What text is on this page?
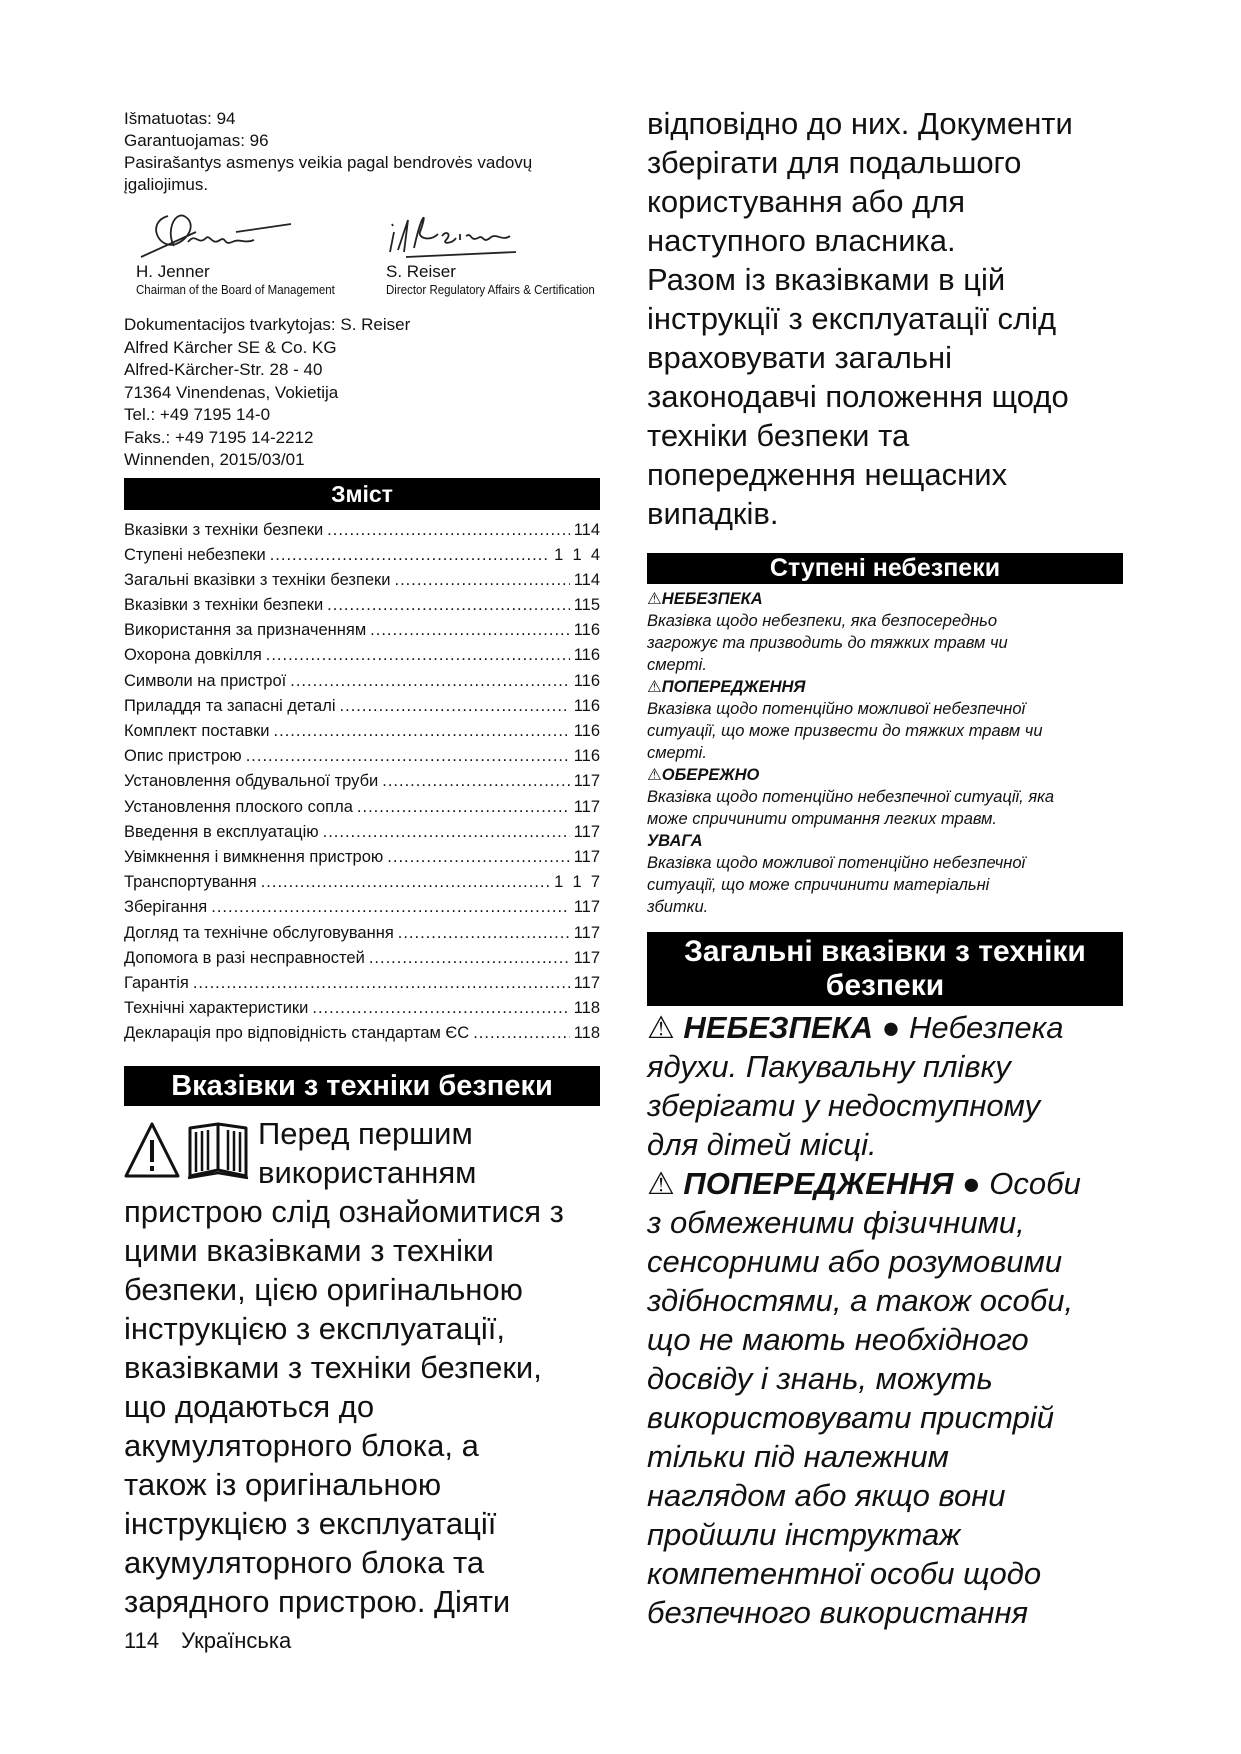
Išmatuotas: 94

Garantuojamas: 96

Pasirašantys asmenys veikia pagal bendrovės vadovų

įgaliojimus.

H. Jenner
Chairman of the Board of Management
S. Reiser
Director Regulatory Affairs & Certification

Dokumentacijos tvarkytojas: S. Reiser

Alfred Kärcher SE & Co. KG

Alfred-Kärcher-Str. 28 - 40

71364 Vinendenas, Vokietija

Tel.: +49 7195 14-0

Faks.: +49 7195 14-2212

Winnenden, 2015/03/01

Зміст
Вказівки з техніки безпеки .....	114
Ступені небезпеки .....	1  1  4
Загальні вказівки з техніки безпеки .....	114
Вказівки з техніки безпеки .....	115
Використання за призначенням .....	116
Охорона довкілля .....	116
Символи на пристрої .....	116
Приладдя та запасні деталі .....	116
Комплект поставки .....	116
Опис пристрою .....	116
Установлення обдувальної труби .....	117
Установлення плоского сопла .....	117
Введення в експлуатацію .....	117
Увімкнення і вимкнення пристрою .....	117
Транспортування .....	1  1  7
Зберігання .....	117
Догляд та технічне обслуговування .....	117
Допомога в разі несправностей .....	117
Гарантія .....	117
Технічні характеристики .....	118
Декларація про відповідність стандартам ЄС .....	118
Вказівки з техніки безпеки

Перед першим

використанням

пристрою слід ознайомитися з

цими вказівками з техніки

безпеки, цією оригінальною

інструкцією з експлуатації,

вказівками з техніки безпеки,

що додаються до

акумуляторного блока, а

також із оригінальною

інструкцією з експлуатації

акумуляторного блока та

зарядного пристрою. Діяти

відповідно до них. Документи

зберігати для подальшого

користування або для

наступного власника.

Разом із вказівками в цій

інструкції з експлуатації слід

враховувати загальні

законодавчі положення щодо

техніки безпеки та

попередження нещасних

випадків.

Ступені небезпеки
⚠НЕБЕЗПЕКА
Вказівка щодо небезпеки, яка безпосередньо
загрожує та призводить до тяжких травм чи
смерті.
⚠ПОПЕРЕДЖЕННЯ
Вказівка щодо потенційно можливої небезпечної
ситуації, що може призвести до тяжких травм чи
смерті.
⚠ОБЕРЕЖНО
Вказівка щодо потенційно небезпечної ситуації, яка
може спричинити отримання легких травм.
УВАГА
Вказівка щодо можливої потенційно небезпечної
ситуації, що може спричинити матеріальні
збитки.
Загальні вказівки з техніки
безпеки
⚠ НЕБЕЗПЕКА ● Небезпека
ядухи. Пакувальну плівку
зберігати у недоступному
для дітей місці.
⚠ ПОПЕРЕДЖЕННЯ ● Особи
з обмеженими фізичними,
сенсорними або розумовими
здібностями, а також особи,
що не мають необхідного
досвіду і знань, можуть
використовувати пристрій
тільки під належним
наглядом або якщо вони
пройшли інструктаж
компетентної особи щодо
безпечного використання
114 Українська
